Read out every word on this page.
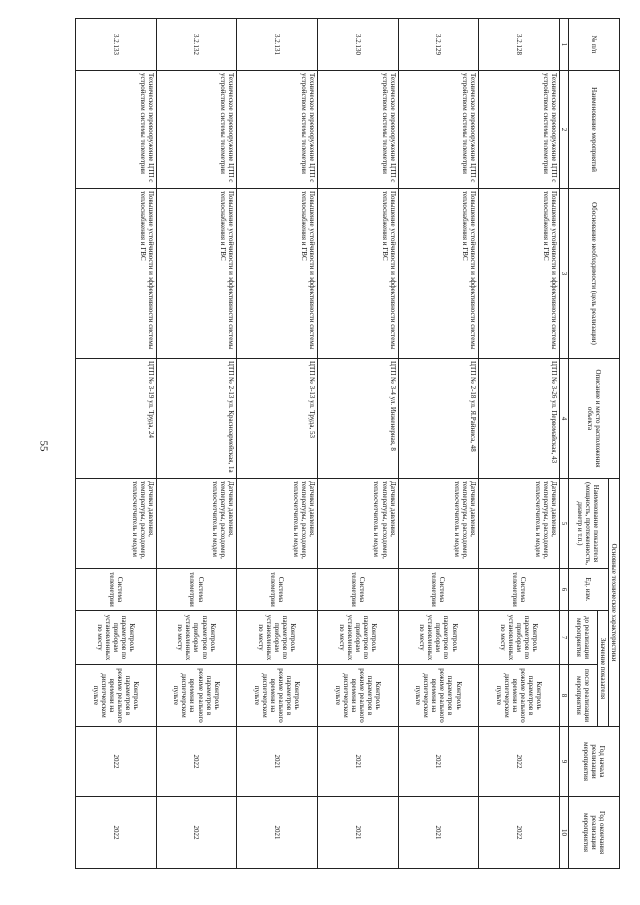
55
№ п/п	Наименование мероприятий	Обоснование необходимости (цель реализации)	Описание и место расположения объекта	Основные технические характеристики				Год начала реализации мероприятия	Год окончания реализации мероприятия
				Наименование показателя (мощность, протяженность, диаметр и т.п.)	Ед. изм.	Значение показателя			
						до реализации мероприятия	после реализации мероприятия		
1	2	3	4	5	6	7	8	9	10
3.2.128	Техническое перевооружение ЦТП с устройством системы телеметрии	Повышение устойчивости и эффективности системы теплоснабжения и ГВС	ЦТП № 3-26 ул. Первомайская, 43	Датчики давления, температуры, расходомер, теплосчетчитель и модем	Система телеметрии	Контроль параметров по приборам установленных по месту	Контроль параметров в режиме реального времени на диспетчерском пульте	2022	2022
3.2.129	Техническое перевооружение ЦТП с устройством системы телеметрии	Повышение устойчивости и эффективности системы теплоснабжения и ГВС	ЦТП № 2-18 ул. Я.Райниса, 48	Датчики давления, температуры, расходомер, теплосчетчитель и модем	Система телеметрии	Контроль параметров по приборам установленных по месту	Контроль параметров в режиме реального времени на диспетчерском пульте	2021	2021
3.2.130	Техническое перевооружение ЦТП с устройством системы телеметрии	Повышение устойчивости и эффективности системы теплоснабжения и ГВС	ЦТП № 3-4 ул. Инженерная, 8	Датчики давления, температуры, расходомер, теплосчетчитель и модем	Система телеметрии	Контроль параметров по приборам установленных по месту	Контроль параметров в режиме реального времени на диспетчерском пульте	2021	2021
3.2.131	Техническое перевооружение ЦТП с устройством системы телеметрии	Повышение устойчивости и эффективности системы теплоснабжения и ГВС	ЦТП № 3-13 ул. Труда, 53	Датчики давления, температуры, расходомер, теплосчетчитель и модем	Система телеметрии	Контроль параметров по приборам установленных по месту	Контроль параметров в режиме реального времени на диспетчерском пульте	2021	2021
3.2.132	Техническое перевооружение ЦТП с устройством системы телеметрии	Повышение устойчивости и эффективности системы теплоснабжения и ГВС	ЦТП № 2-13 ул. Красноармейская, 1а	Датчики давления, температуры, расходомер, теплосчетчитель и модем	Система телеметрии	Контроль параметров по приборам установленных по месту	Контроль параметров в режиме реального времени на диспетчерском пульте	2022	2022
3.2.133	Техническое перевооружение ЦТП с устройством системы телеметрии	Повышение устойчивости и эффективности системы теплоснабжения и ГВС	ЦТП № 3-19 ул. Труда, 24	Датчики давления, температуры, расходомер, теплосчетчитель и модем	Система телеметрии	Контроль параметров по приборам установленных по месту	Контроль параметров в режиме реального времени на диспетчерском пульте	2022	2022
